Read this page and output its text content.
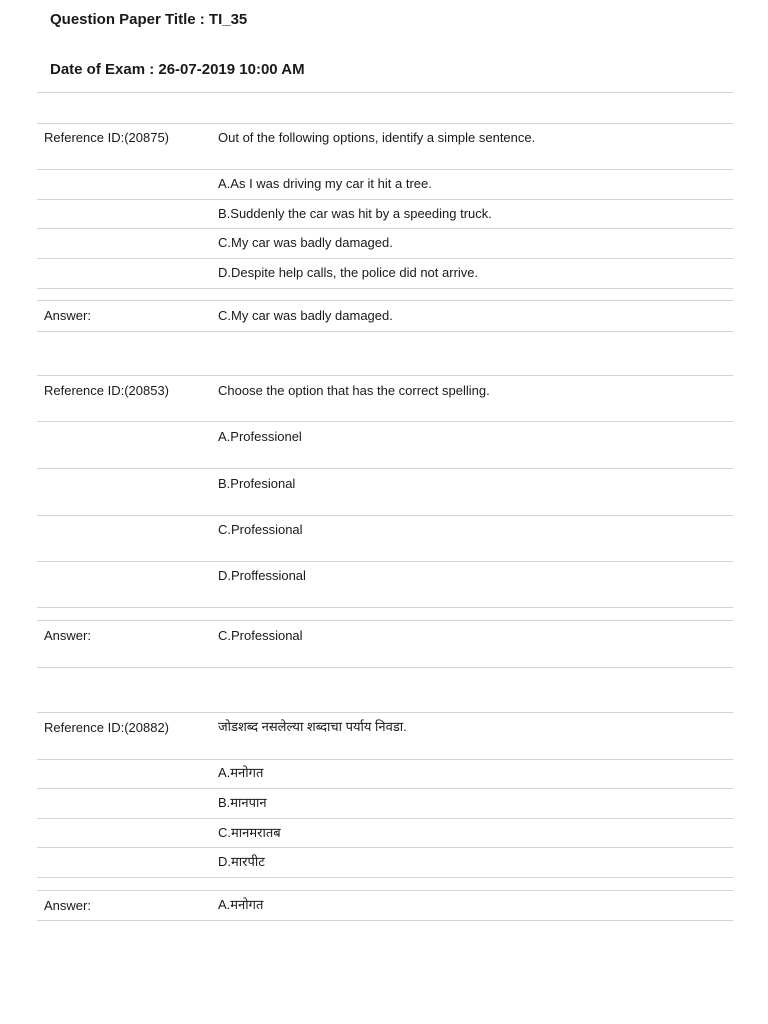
Question Paper Title : TI_35
Date of Exam : 26-07-2019 10:00 AM
Reference ID:(20875)	Out of the following options, identify a simple sentence.
A.As I was driving my car it hit a tree.
B.Suddenly the car was hit by a speeding truck.
C.My car was badly damaged.
D.Despite help calls, the police did not arrive.
Answer:	C.My car was badly damaged.
Reference ID:(20853)	Choose the option that has the correct spelling.
A.Professionel
B.Profesional
C.Professional
D.Proffessional
Answer:	C.Professional
Reference ID:(20882)	जोडशब्द नसलेल्या शब्दाचा पर्याय निवडा.
A.मनोगत
B.मानपान
C.मानमरातब
D.मारपीट
Answer:	A.मनोगत
